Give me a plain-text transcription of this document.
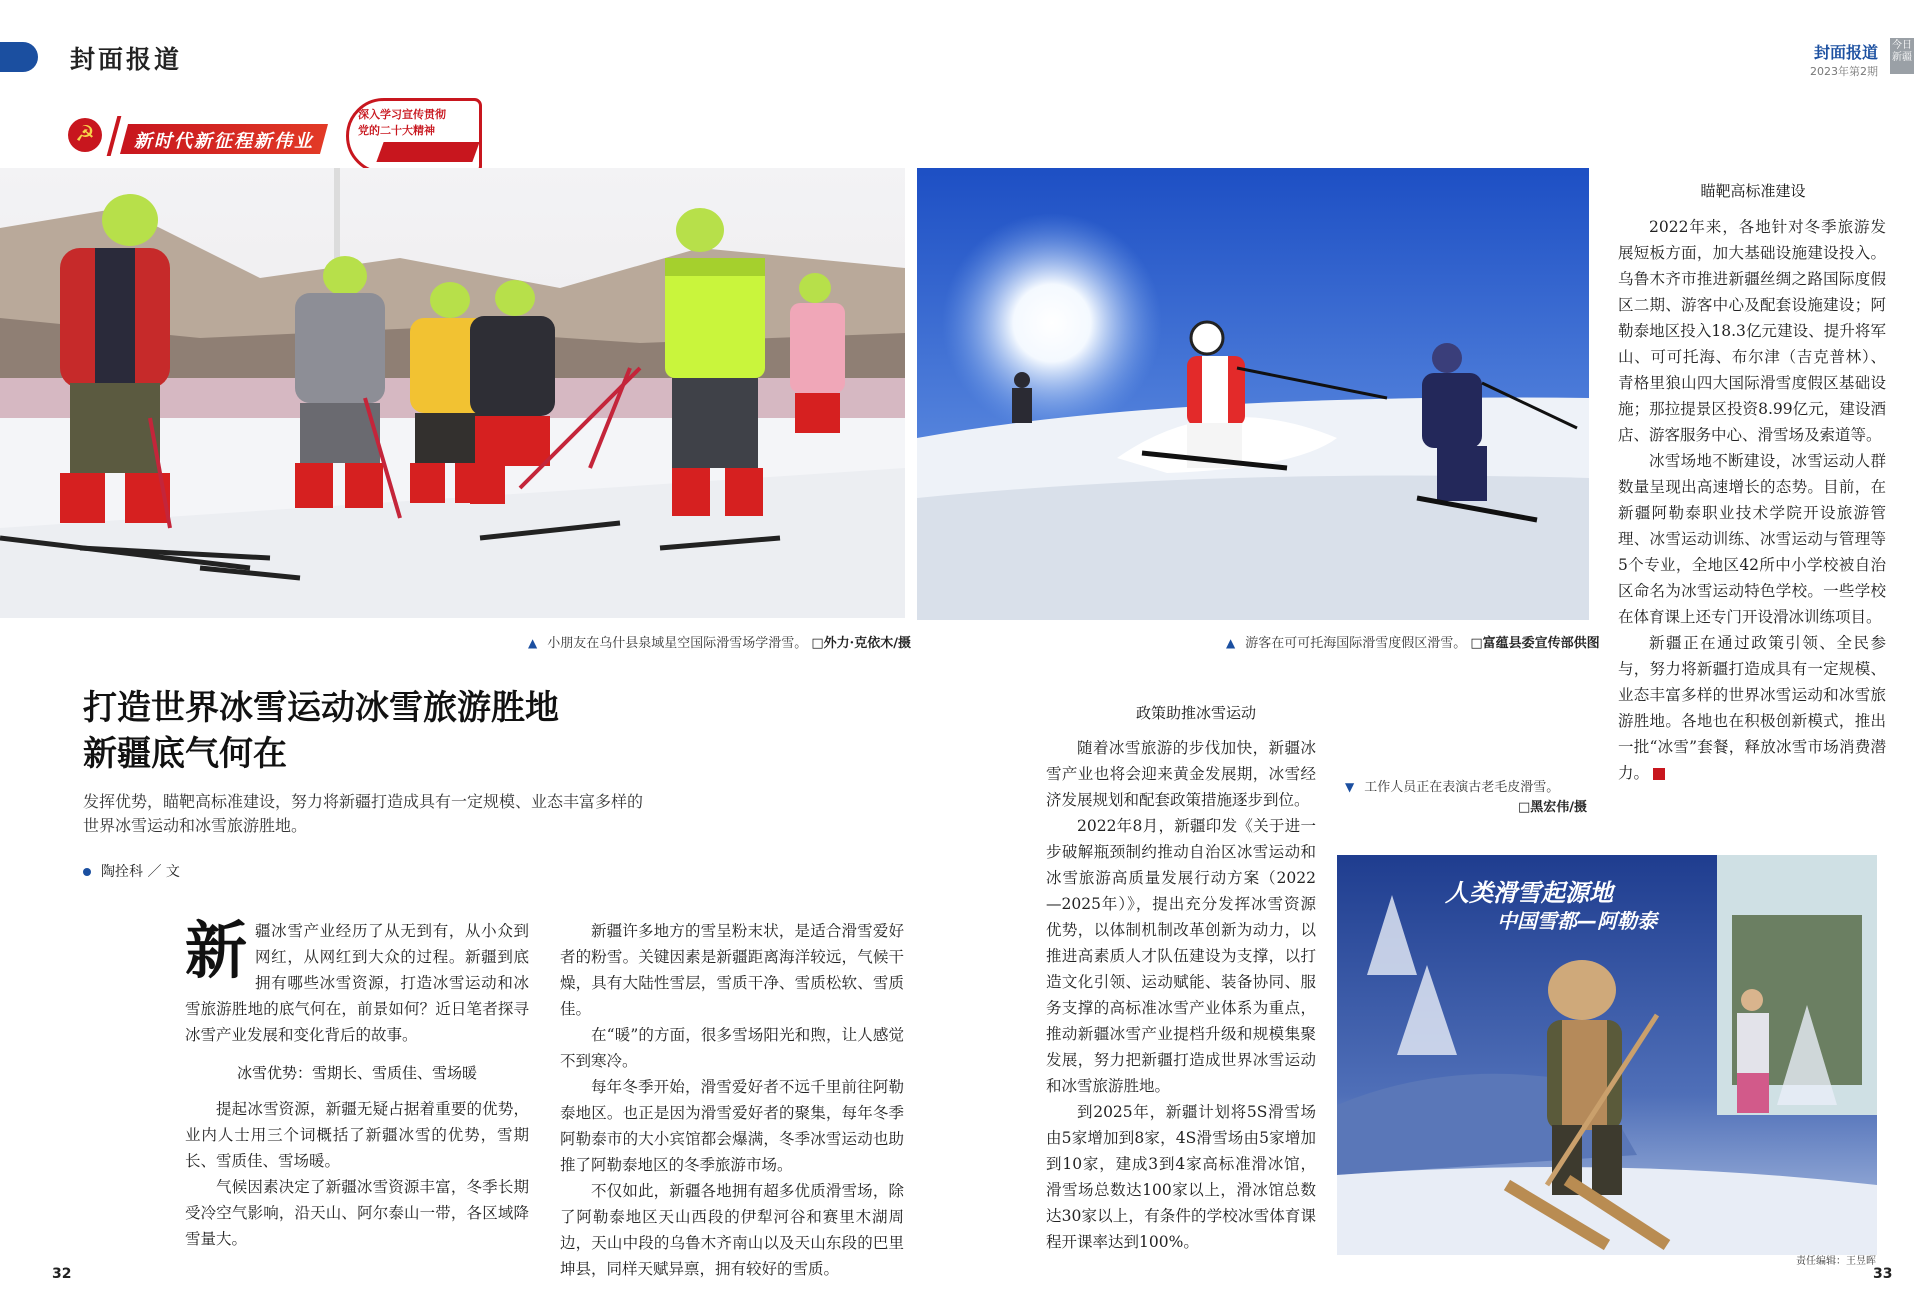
封面报道	封面报道
2023年第2期
今日新疆
☭	新时代新征程新伟业
深入学习宣传贯彻
党的二十大精神
▲ 小朋友在乌什县泉域星空国际滑雪场学滑雪。 □外力·克依木/摄	▲ 游客在可可托海国际滑雪度假区滑雪。 □富蕴县委宣传部供图
▼ 工作人员正在表演古老毛皮滑雪。
□黑宏伟/摄
人类滑雪起源地
中国雪都—阿勒泰
打造世界冰雪运动冰雪旅游胜地
新疆底气何在
发挥优势，瞄靶高标准建设，努力将新疆打造成具有一定规模、业态丰富多样的世界冰雪运动和冰雪旅游胜地。
陶拴科 ／ 文

新疆冰雪产业经历了从无到有，从小众到网红，从网红到大众的过程。新疆到底拥有哪些冰雪资源，打造冰雪运动和冰雪旅游胜地的底气何在，前景如何？近日笔者探寻冰雪产业发展和变化背后的故事。

冰雪优势：雪期长、雪质佳、雪场暖

提起冰雪资源，新疆无疑占据着重要的优势，业内人士用三个词概括了新疆冰雪的优势，雪期长、雪质佳、雪场暖。

气候因素决定了新疆冰雪资源丰富，冬季长期受冷空气影响，沿天山、阿尔泰山一带，各区域降雪量大。

新疆许多地方的雪呈粉末状，是适合滑雪爱好者的粉雪。关键因素是新疆距离海洋较远，气候干燥，具有大陆性雪层，雪质干净、雪质松软、雪质佳。

在“暖”的方面，很多雪场阳光和煦，让人感觉不到寒冷。

每年冬季开始，滑雪爱好者不远千里前往阿勒泰地区。也正是因为滑雪爱好者的聚集，每年冬季阿勒泰市的大小宾馆都会爆满，冬季冰雪运动也助推了阿勒泰地区的冬季旅游市场。

不仅如此，新疆各地拥有超多优质滑雪场，除了阿勒泰地区天山西段的伊犁河谷和赛里木湖周边，天山中段的乌鲁木齐南山以及天山东段的巴里坤县，同样天赋异禀，拥有较好的雪质。

政策助推冰雪运动

随着冰雪旅游的步伐加快，新疆冰雪产业也将会迎来黄金发展期，冰雪经济发展规划和配套政策措施逐步到位。

2022年8月，新疆印发《关于进一步破解瓶颈制约推动自治区冰雪运动和冰雪旅游高质量发展行动方案（2022—2025年）》，提出充分发挥冰雪资源优势，以体制机制改革创新为动力，以推进高素质人才队伍建设为支撑，以打造文化引领、运动赋能、装备协同、服务支撑的高标准冰雪产业体系为重点，推动新疆冰雪产业提档升级和规模集聚发展，努力把新疆打造成世界冰雪运动和冰雪旅游胜地。

到2025年，新疆计划将5S滑雪场由5家增加到8家，4S滑雪场由5家增加到10家，建成3到4家高标准滑冰馆，滑雪场总数达100家以上，滑冰馆总数达30家以上，有条件的学校冰雪体育课程开课率达到100%。

瞄靶高标准建设

2022年来，各地针对冬季旅游发展短板方面，加大基础设施建设投入。乌鲁木齐市推进新疆丝绸之路国际度假区二期、游客中心及配套设施建设；阿勒泰地区投入18.3亿元建设、提升将军山、可可托海、布尔津（吉克普林）、青格里狼山四大国际滑雪度假区基础设施；那拉提景区投资8.99亿元，建设酒店、游客服务中心、滑雪场及索道等。

冰雪场地不断建设，冰雪运动人群数量呈现出高速增长的态势。目前，在新疆阿勒泰职业技术学院开设旅游管理、冰雪运动训练、冰雪运动与管理等5个专业，全地区42所中小学校被自治区命名为冰雪运动特色学校。一些学校在体育课上还专门开设滑冰训练项目。

新疆正在通过政策引领、全民参与，努力将新疆打造成具有一定规模、业态丰富多样的世界冰雪运动和冰雪旅游胜地。各地也在积极创新模式，推出一批“冰雪”套餐，释放冰雪市场消费潜力。

32	33
责任编辑：王昱晖
